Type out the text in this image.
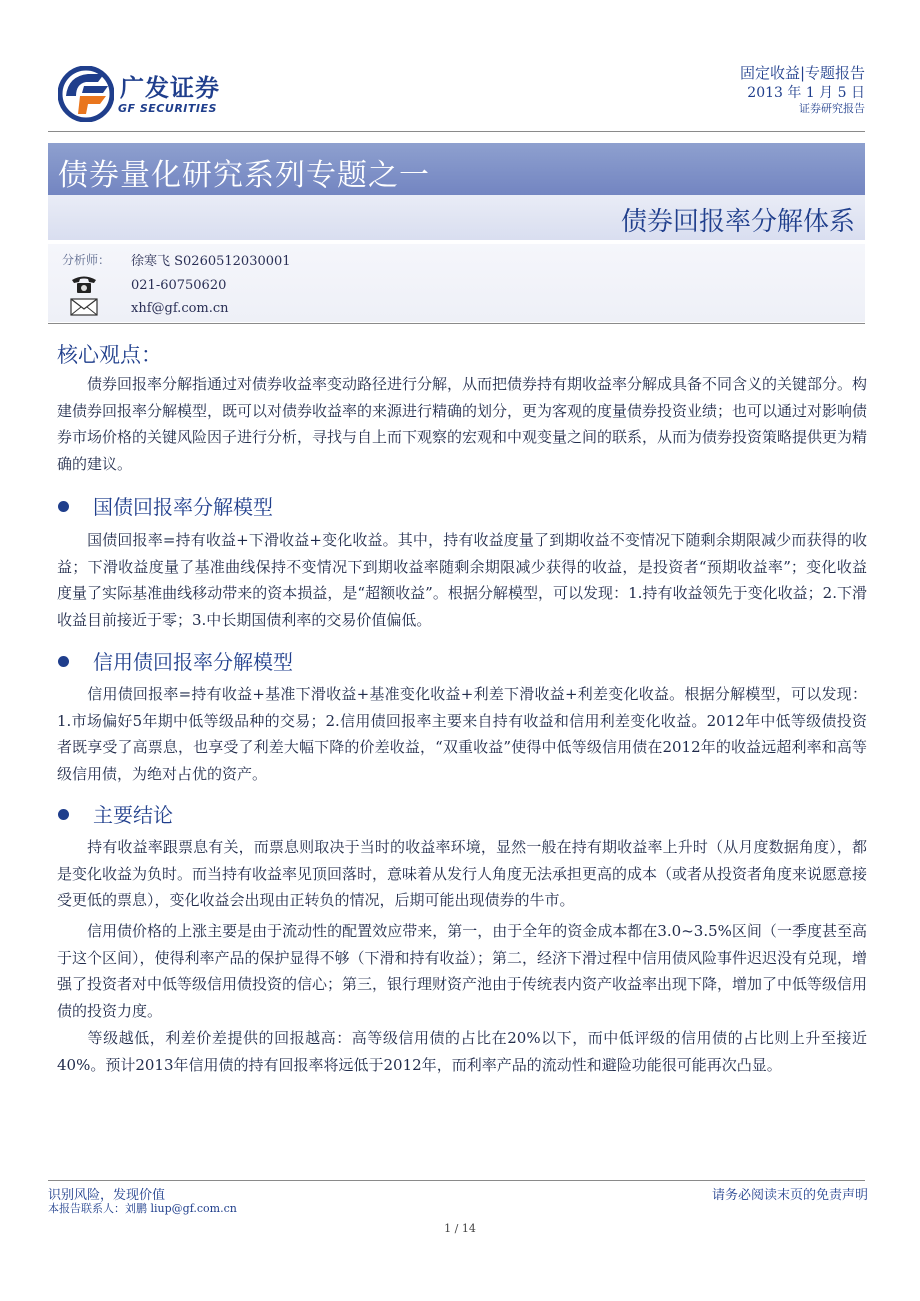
广发证券
GF SECURITIES
固定收益|专题报告
2013 年 1 月 5 日
证券研究报告
债券量化研究系列专题之一
债券回报率分解体系
分析师： 徐寒飞 S0260512030001
021-60750620
xhf@gf.com.cn
核心观点：
债券回报率分解指通过对债券收益率变动路径进行分解，从而把债券持有期收益率分解成具备不同含义的关键部分。构建债券回报率分解模型，既可以对债券收益率的来源进行精确的划分，更为客观的度量债券投资业绩；也可以通过对影响债券市场价格的关键风险因子进行分析，寻找与自上而下观察的宏观和中观变量之间的联系，从而为债券投资策略提供更为精确的建议。
国债回报率分解模型
国债回报率=持有收益+下滑收益+变化收益。其中，持有收益度量了到期收益不变情况下随剩余期限减少而获得的收益；下滑收益度量了基准曲线保持不变情况下到期收益率随剩余期限减少获得的收益，是投资者“预期收益率”；变化收益度量了实际基准曲线移动带来的资本损益，是“超额收益”。根据分解模型，可以发现：1.持有收益领先于变化收益；2.下滑收益目前接近于零；3.中长期国债利率的交易价值偏低。
信用债回报率分解模型
信用债回报率=持有收益+基准下滑收益+基准变化收益+利差下滑收益+利差变化收益。根据分解模型，可以发现：1.市场偏好5年期中低等级品种的交易；2.信用债回报率主要来自持有收益和信用利差变化收益。2012年中低等级债投资者既享受了高票息，也享受了利差大幅下降的价差收益，“双重收益”使得中低等级信用债在2012年的收益远超利率和高等级信用债，为绝对占优的资产。
主要结论
持有收益率跟票息有关，而票息则取决于当时的收益率环境，显然一般在持有期收益率上升时（从月度数据角度），都是变化收益为负时。而当持有收益率见顶回落时，意味着从发行人角度无法承担更高的成本（或者从投资者角度来说愿意接受更低的票息），变化收益会出现由正转负的情况，后期可能出现债券的牛市。
信用债价格的上涨主要是由于流动性的配置效应带来，第一，由于全年的资金成本都在3.0~3.5%区间（一季度甚至高于这个区间），使得利率产品的保护显得不够（下滑和持有收益）；第二，经济下滑过程中信用债风险事件迟迟没有兑现，增强了投资者对中低等级信用债投资的信心；第三，银行理财资产池由于传统表内资产收益率出现下降，增加了中低等级信用债的投资力度。
等级越低，利差价差提供的回报越高：高等级信用债的占比在20%以下，而中低评级的信用债的占比则上升至接近40%。预计2013年信用债的持有回报率将远低于2012年，而利率产品的流动性和避险功能很可能再次凸显。
识别风险，发现价值
本报告联系人：刘鹏 liup@gf.com.cn
请务必阅读末页的免责声明
1 / 14
